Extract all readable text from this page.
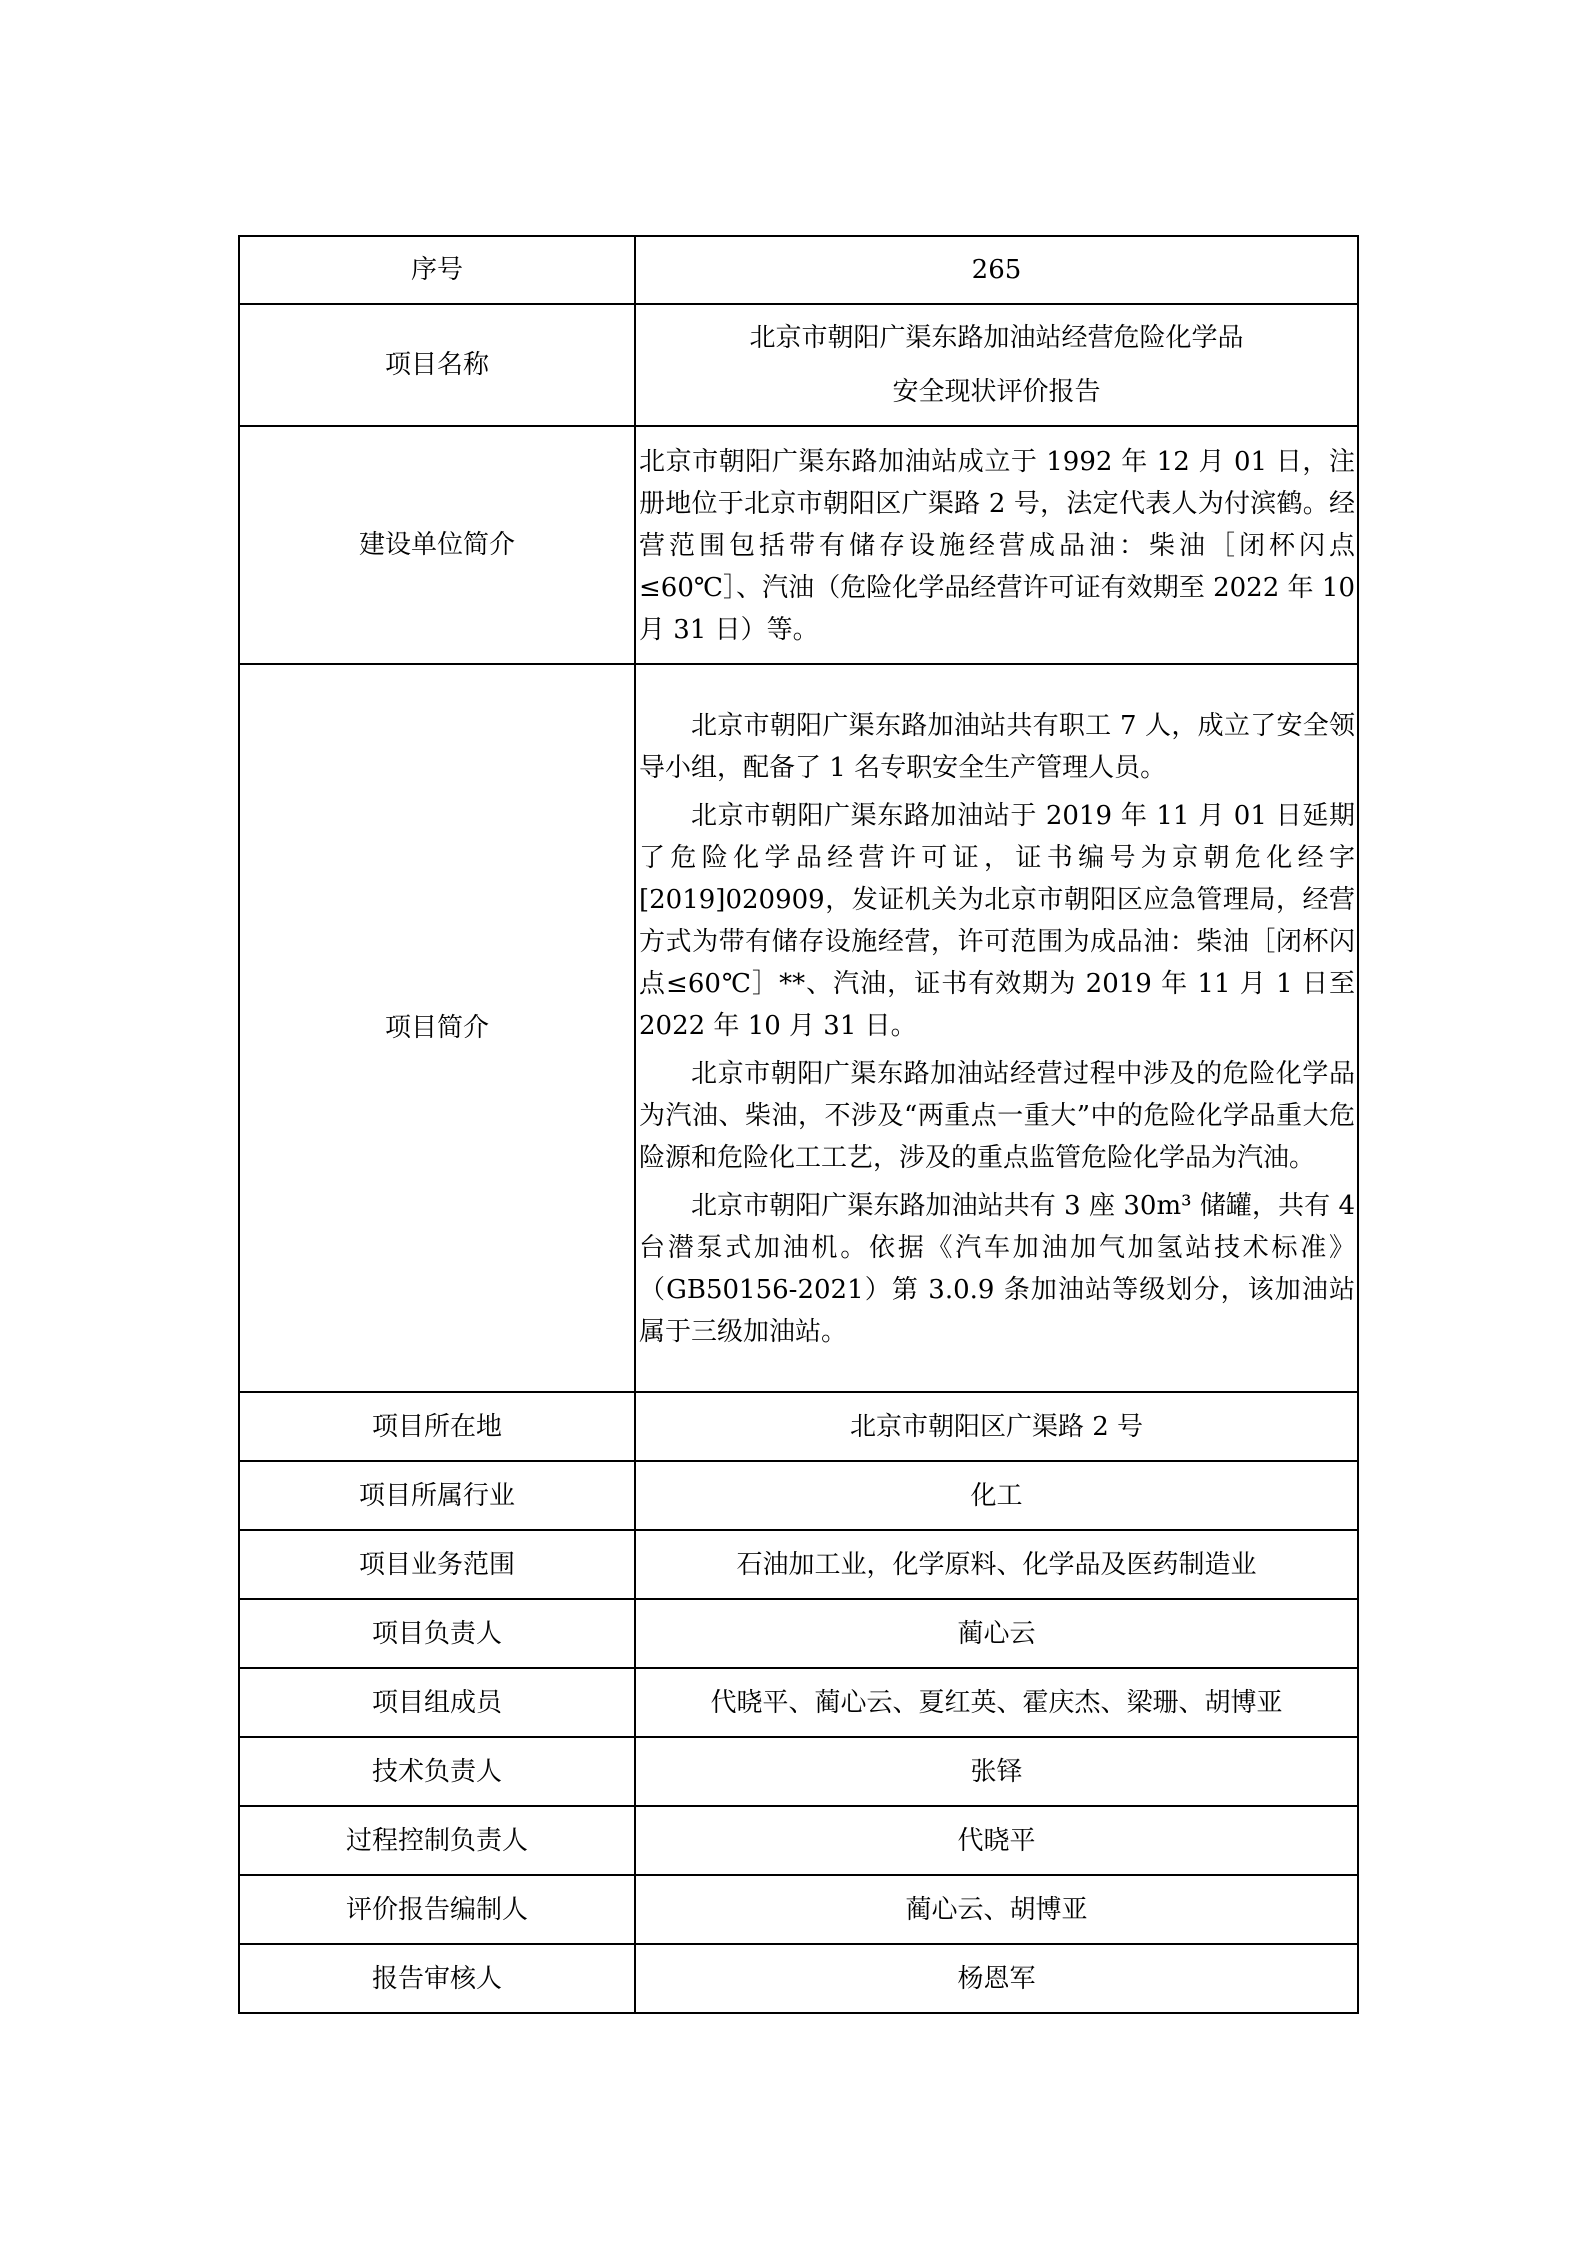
序号	265
项目名称	北京市朝阳广渠东路加油站经营危险化学品
安全现状评价报告

建设单位简介	北京市朝阳广渠东路加油站成立于 1992 年 12 月 01 日，注册地位于北京市朝阳区广渠路 2 号，法定代表人为付滨鹤。经营范围包括带有储存设施经营成品油：柴油［闭杯闪点≤60℃］、汽油（危险化学品经营许可证有效期至 2022 年 10 月 31 日）等。

项目简介	北京市朝阳广渠东路加油站共有职工 7 人，成立了安全领导小组，配备了 1 名专职安全生产管理人员。

北京市朝阳广渠东路加油站于 2019 年 11 月 01 日延期了危险化学品经营许可证，证书编号为京朝危化经字[2019]020909，发证机关为北京市朝阳区应急管理局，经营方式为带有储存设施经营，许可范围为成品油：柴油［闭杯闪点≤60℃］**、汽油，证书有效期为 2019 年 11 月 1 日至 2022 年 10 月 31 日。

北京市朝阳广渠东路加油站经营过程中涉及的危险化学品为汽油、柴油，不涉及“两重点一重大”中的危险化学品重大危险源和危险化工工艺，涉及的重点监管危险化学品为汽油。

北京市朝阳广渠东路加油站共有 3 座 30m³ 储罐，共有 4 台潜泵式加油机。依据《汽车加油加气加氢站技术标准》（GB50156-2021）第 3.0.9 条加油站等级划分，该加油站属于三级加油站。

项目所在地	北京市朝阳区广渠路 2 号
项目所属行业	化工
项目业务范围	石油加工业，化学原料、化学品及医药制造业
项目负责人	蔺心云
项目组成员	代晓平、蔺心云、夏红英、霍庆杰、梁珊、胡博亚
技术负责人	张铎
过程控制负责人	代晓平
评价报告编制人	蔺心云、胡博亚
报告审核人	杨恩军
